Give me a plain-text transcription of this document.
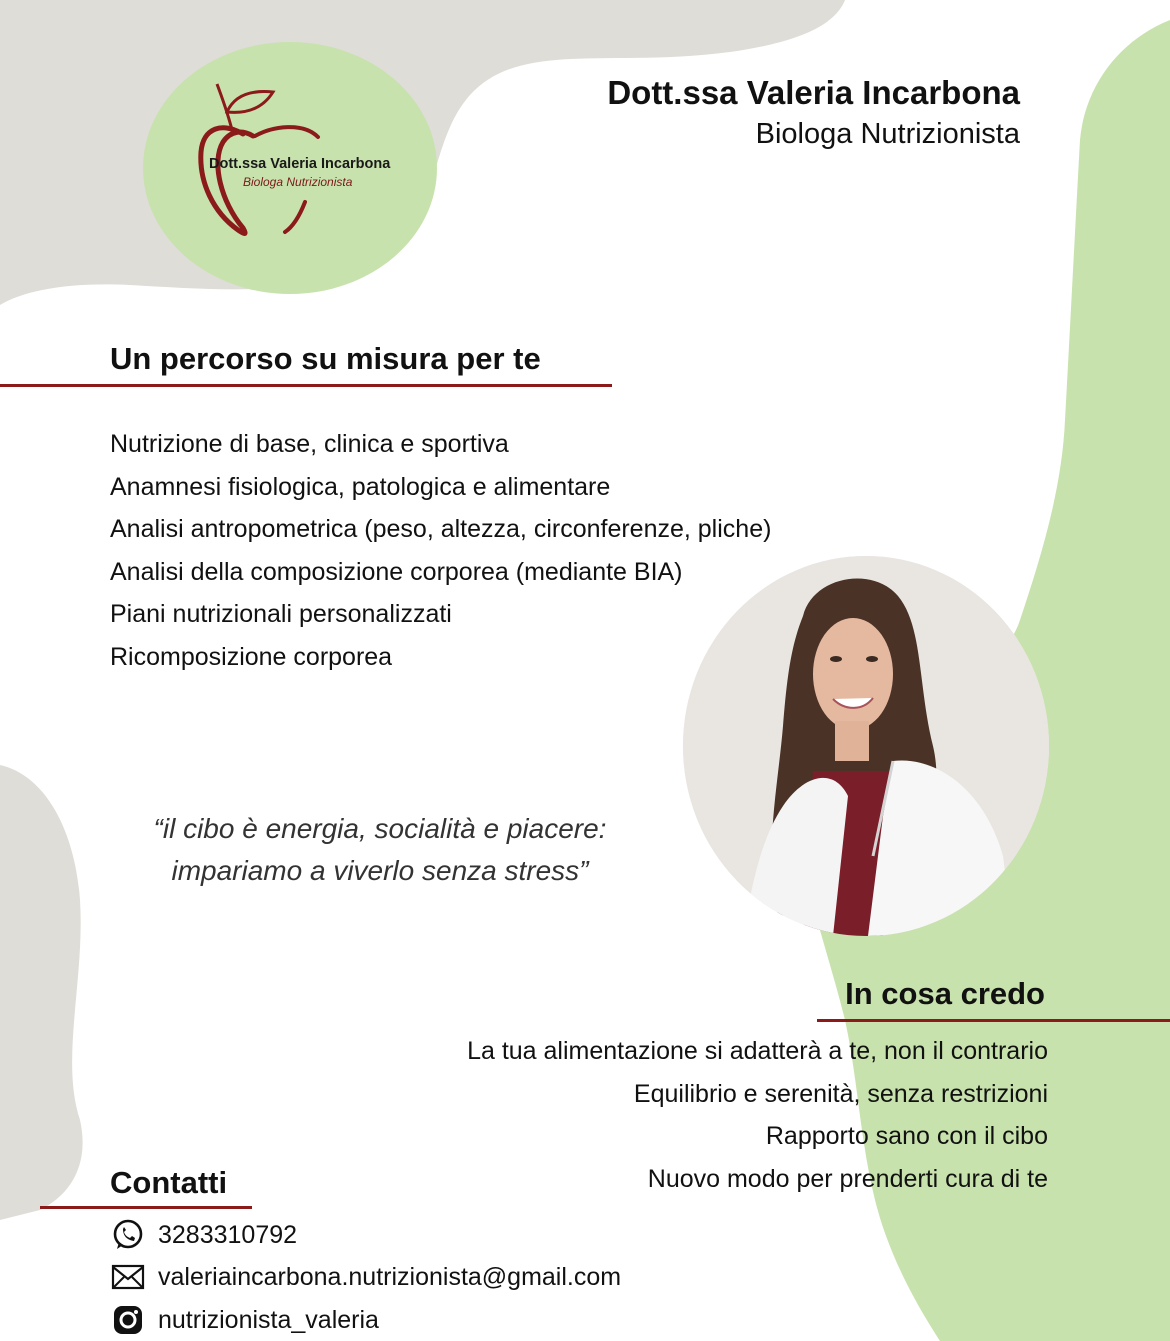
Dott.ssa Valeria Incarbona
Biologa Nutrizionista
Dott.ssa Valeria Incarbona
Biologa Nutrizionista
Un percorso su misura per te
Nutrizione di base, clinica e sportiva
Anamnesi fisiologica, patologica e alimentare
Analisi antropometrica (peso, altezza, circonferenze, pliche)
Analisi della composizione corporea (mediante BIA)
Piani nutrizionali personalizzati
Ricomposizione corporea
“il cibo è energia, socialità e piacere:
impariamo a viverlo senza stress”
In cosa credo
La tua alimentazione si adatterà a te, non il contrario
Equilibrio e serenità, senza restrizioni
Rapporto sano con il cibo
Nuovo modo per prenderti cura di te
Contatti
3283310792
valeriaincarbona.nutrizionista@gmail.com
nutrizionista_valeria
